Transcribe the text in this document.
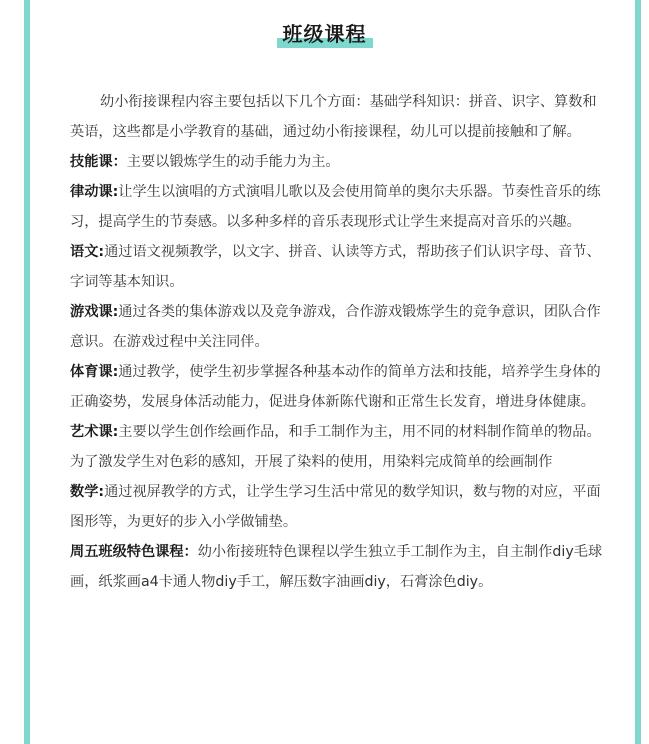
班级课程

幼小衔接课程内容主要包括以下几个方面：基础学科知识：拼音、识字、算数和英语，这些都是小学教育的基础，通过幼小衔接课程，幼儿可以提前接触和了解。

技能课：主要以锻炼学生的动手能力为主。

律动课:让学生以演唱的方式演唱儿歌以及会使用简单的奥尔夫乐器。节奏性音乐的练习，提高学生的节奏感。以多种多样的音乐表现形式让学生来提高对音乐的兴趣。

语文:通过语文视频教学，以文字、拼音、认读等方式，帮助孩子们认识字母、音节、字词等基本知识。

游戏课:通过各类的集体游戏以及竞争游戏，合作游戏锻炼学生的竞争意识，团队合作意识。在游戏过程中关注同伴。

体育课:通过教学，使学生初步掌握各种基本动作的简单方法和技能，培养学生身体的正确姿势，发展身体活动能力，促进身体新陈代谢和正常生长发育，增进身体健康。

艺术课:主要以学生创作绘画作品，和手工制作为主，用不同的材料制作简单的物品。为了激发学生对色彩的感知，开展了染料的使用，用染料完成简单的绘画制作

数学:通过视屏教学的方式，让学生学习生活中常见的数学知识，数与物的对应，平面图形等，为更好的步入小学做铺垫。

周五班级特色课程：幼小衔接班特色课程以学生独立手工制作为主，自主制作diy毛球画，纸浆画a4卡通人物diy手工，解压数字油画diy，石膏涂色diy。
